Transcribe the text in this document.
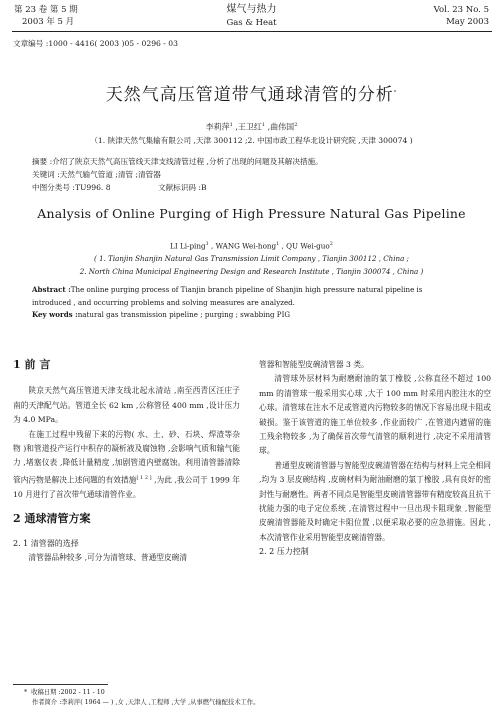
第 23 卷 第 5 期
2003 年 5 月
煤气与热力
Gas & Heat
Vol. 23 No. 5
May 2003
文章编号 :1000 - 4416( 2003 )05 - 0296 - 03
天然气高压管道带气通球清管的分析*
李莉萍$^1$ ,王卫红$^1$ ,曲伟国$^2$
（1. 陕津天然气集输有限公司 ,天津 300112 ;2. 中国市政工程华北设计研究院 ,天津 300074 )
摘要 :介绍了陕京天然气高压管线天津支线清管过程 ,分析了出现的问题及其解决措施。
关键词 :天然气输气管道 ;清管 ;清管器
中图分类号 :TU996. 8	文献标识码 :B
Analysis of Online Purging of High Pressure Natural Gas Pipeline
LI Li-ping$^1$ , WANG Wei-hong$^1$ , QU Wei-guo$^2$
( 1. Tianjin Shanjin Natural Gas Transmission Limit Company , Tianjin 300112 , China ;
2. North China Municipal Engineering Design and Research Institute , Tianjin 300074 , China )
Abstract :The online purging process of Tianjin branch pipeline of Shanjin high pressure natural pipeline is
introduced , and occurring problems and solving measures are analyzed.
Key words :natural gas transmission pipeline ; purging ; swabbing PIG

1 前 言

陕京天然气高压管道天津支线北起永清站 ,南至西青区汪庄子南的天津配气站。管道全长 62 km ,公称管径 400 mm ,设计压力为 4.0 MPa。

在施工过程中残留下来的污物( 水、土、砂、石块、焊渣等杂物 )和管道投产运行中积存的凝析液及腐蚀物 ,会影响气质和输气能力 ,堵塞仪表 ,降低计量精度 ,加剧管道内壁腐蚀。利用清管器清除管内污物是解决上述问题的有效措施[ 1 2 ] ,为此 ,我公司于 1999 年 10 月进行了首次带气通球清管作业。

2 通球清管方案

2. 1 清管器的选择

清管器品种较多 ,可分为清管球、普通型皮碗清

管器和智能型皮碗清管器 3 类。

清管球外层材料为耐磨耐油的氯丁橡胶 ,公称直径不超过 100 mm 的清管球一般采用实心球 ,大于 100 mm 时采用内腔注水的空心球。清管球在注水不足或管道内污物较多的情况下容易出现卡阻或破损。鉴于该管道的施工单位较多 ,作业面较广 ,在管道内遗留的施工残余物较多 ,为了确保首次带气清管的顺利进行 ,决定不采用清管球。

普通型皮碗清管器与智能型皮碗清管器在结构与材料上完全相同 ,均为 3 层皮碗结构 ,皮碗材料为耐油耐磨的氯丁橡胶 ,具有良好的密封性与耐磨性。两者不同点是智能型皮碗清管器带有精度较高且抗干扰能力强的电子定位系统 ,在清管过程中一旦出现卡阻现象 ,智能型皮碗清管器能及时确定卡阻位置 ,以便采取必要的应急措施。因此 ,本次清管作业采用智能型皮碗清管器。

2. 2 压力控制

* 收稿日期 :2002 - 11 - 10
作者简介 :李莉萍( 1964 — ) ,女 ,天津人 ,工程师 ,大学 ,从事燃气输配技术工作。
